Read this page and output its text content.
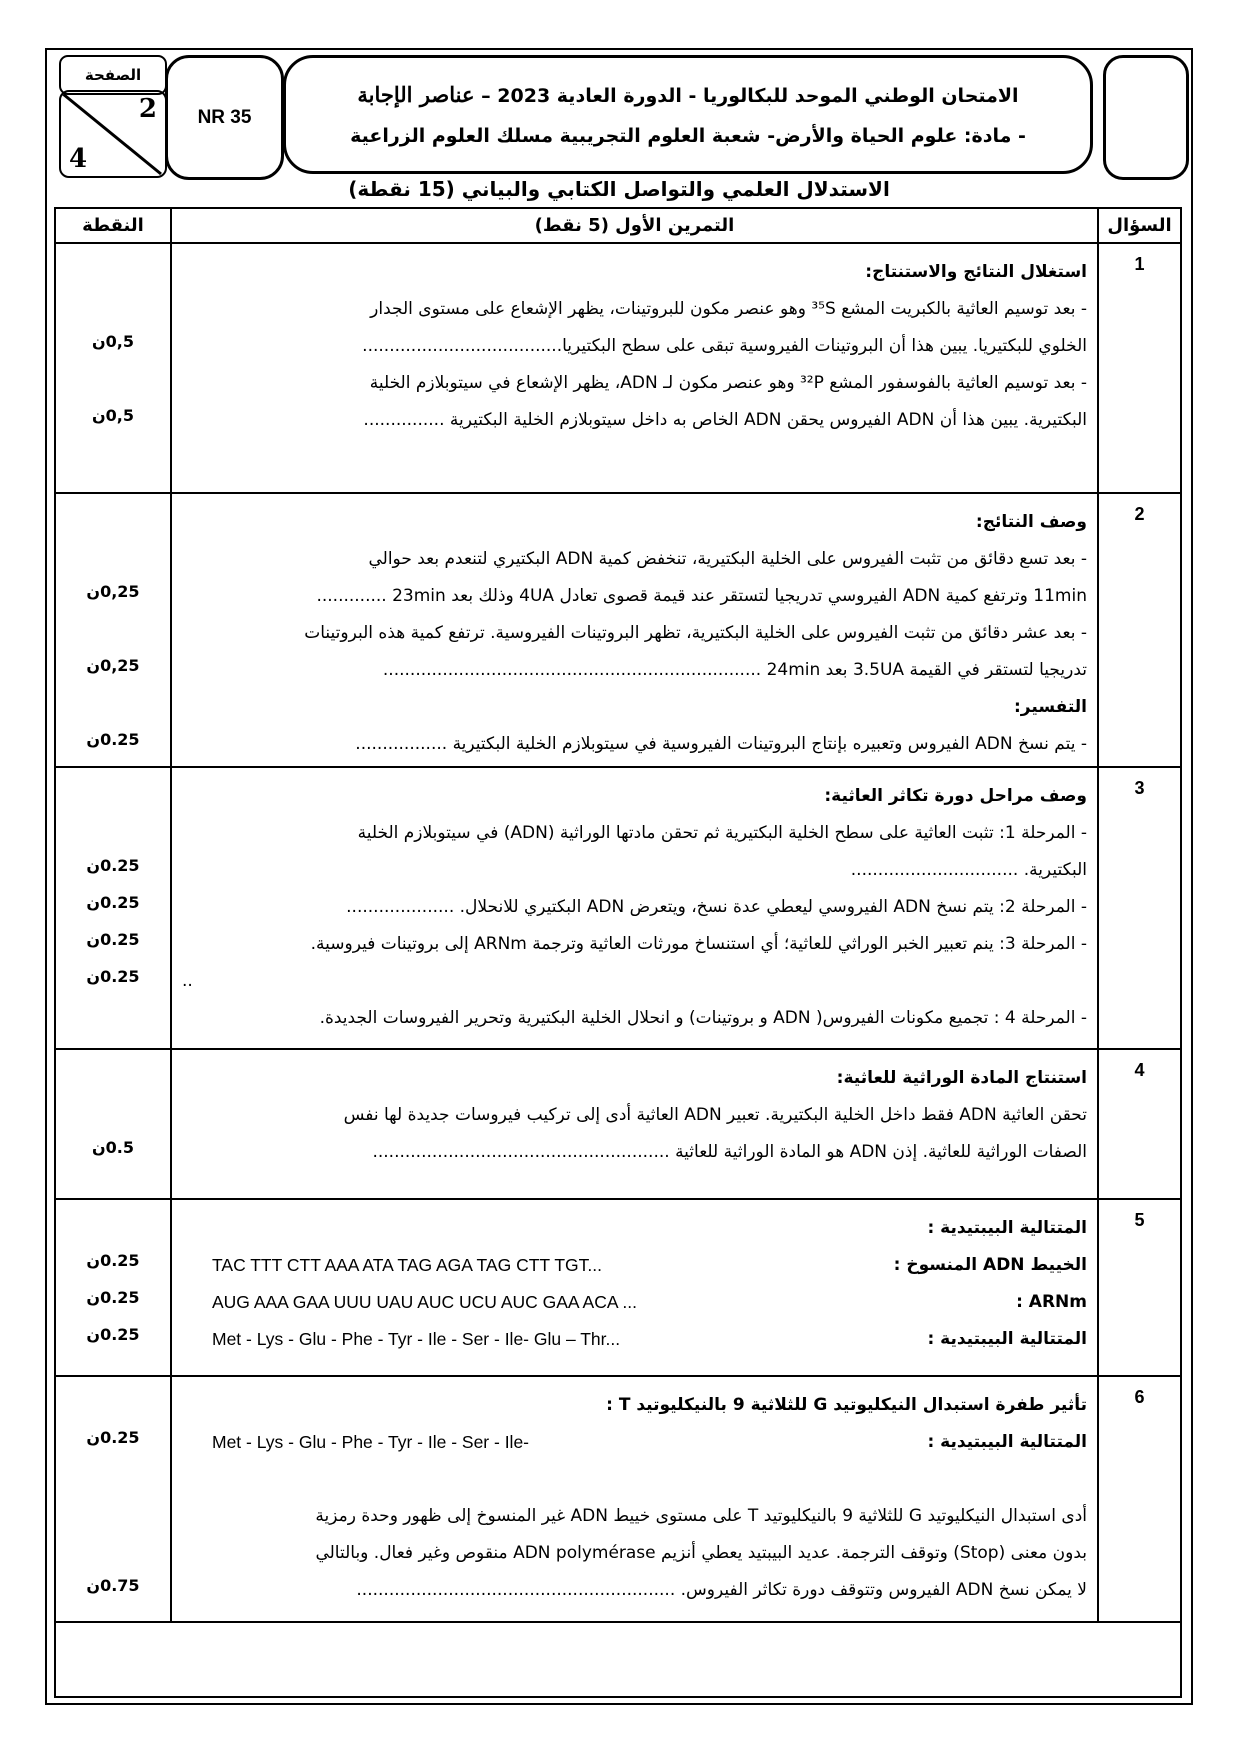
الصفحة
2
4
NR 35
الامتحان الوطني الموحد للبكالوريا - الدورة العادية 2023 – عناصر الإجابة
- مادة: علوم الحياة والأرض- شعبة العلوم التجريبية مسلك العلوم الزراعية
الاستدلال العلمي والتواصل الكتابي والبياني (15 نقطة)
النقطة	التمرين الأول (5 نقط)	السؤال
0,5ن
0,5ن
استغلال النتائج والاستنتاج:
- بعد توسيم العاثية بالكبريت المشع ³⁵S وهو عنصر مكون للبروتينات، يظهر الإشعاع على مستوى الجدار
الخلوي للبكتيريا. يبين هذا أن البروتينات الفيروسية تبقى على سطح البكتيريا.....................................
- بعد توسيم العاثية بالفوسفور المشع ³²P وهو عنصر مكون لـ ADN، يظهر الإشعاع في سيتوبلازم الخلية
البكتيرية. يبين هذا أن ADN الفيروس يحقن ADN الخاص به داخل سيتوبلازم الخلية البكتيرية ...............
1
0,25ن
0,25ن
0.25ن
وصف النتائج:
- بعد تسع دقائق من تثبت الفيروس على الخلية البكتيرية، تنخفض كمية ADN البكتيري لتنعدم بعد حوالي
11min وترتفع كمية ADN الفيروسي تدريجيا لتستقر عند قيمة قصوى تعادل 4UA وذلك بعد 23min .............
- بعد عشر دقائق من تثبت الفيروس على الخلية البكتيرية، تظهر البروتينات الفيروسية. ترتفع كمية هذه البروتينات
تدريجيا لتستقر في القيمة 3.5UA بعد 24min ......................................................................
التفسير:
- يتم نسخ ADN الفيروس وتعبيره بإنتاج البروتينات الفيروسية في سيتوبلازم الخلية البكتيرية .................
2
0.25ن
0.25ن
0.25ن
0.25ن
وصف مراحل دورة تكاثر العاثية:
- المرحلة 1: تثبت العاثية على سطح الخلية البكتيرية ثم تحقن مادتها الوراثية (ADN) في سيتوبلازم الخلية
البكتيرية. ...............................
- المرحلة 2: يتم نسخ ADN الفيروسي ليعطي عدة نسخ، ويتعرض ADN البكتيري للانحلال. ....................
- المرحلة 3: ينم تعبير الخبر الوراثي للعاثية؛ أي استنساخ مورثات العاثية وترجمة ARNm إلى بروتينات فيروسية.
..
- المرحلة 4 : تجميع مكونات الفيروس( ADN و بروتينات) و انحلال الخلية البكتيرية وتحرير الفيروسات الجديدة.
3
0.5ن
استنتاج المادة الوراثية للعاثية:
تحقن العاثية ADN فقط داخل الخلية البكتيرية. تعبير ADN العاثية أدى إلى تركيب فيروسات جديدة لها نفس
الصفات الوراثية للعاثية. إذن ADN هو المادة الوراثية للعاثية .......................................................
4
0.25ن
0.25ن
0.25ن
المتتالية البيبتيدية :
الخييط ADN المنسوخ :
TAC TTT CTT AAA ATA TAG AGA TAG CTT TGT...
ARNm :
AUG AAA GAA UUU UAU AUC UCU AUC GAA ACA ...
المتتالية البيبتيدية :
Met - Lys - Glu - Phe - Tyr - Ile - Ser - Ile- Glu – Thr...
5
0.25ن
0.75ن
تأثير طفرة استبدال النيكليوتيد G للثلاثية 9 بالنيكليوتيد T :
المتتالية البيبتيدية :
Met - Lys - Glu - Phe - Tyr - Ile - Ser - Ile-
أدى استبدال النيكليوتيد G للثلاثية 9 بالنيكليوتيد T على مستوى خييط ADN غير المنسوخ إلى ظهور وحدة رمزية
بدون معنى (Stop) وتوقف الترجمة. عديد البيبتيد يعطي أنزيم ADN polymérase منقوص وغير فعال. وبالتالي
لا يمكن نسخ ADN الفيروس وتتوقف دورة تكاثر الفيروس. ...........................................................
6
